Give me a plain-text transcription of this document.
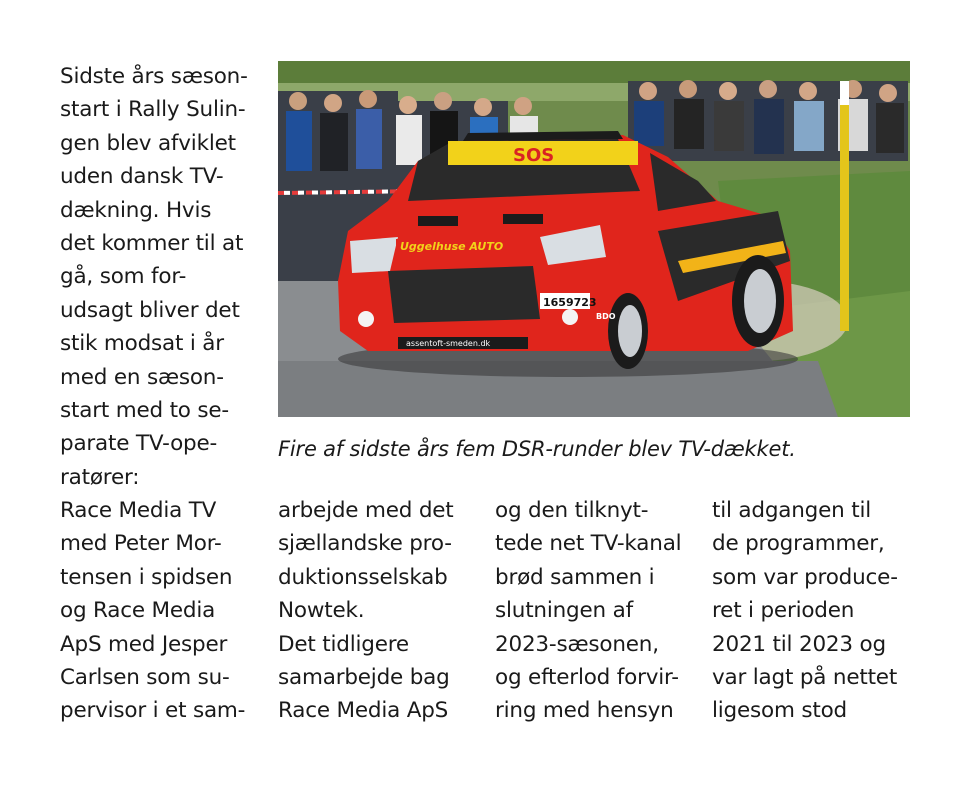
Sidste års sæson-
start i Rally Sulin-
gen blev afviklet
uden dansk TV-
dækning. Hvis
det kommer til at
gå, som for-
udsagt bliver det
stik modsat i år
med en sæson-
start med to se-
parate TV-ope-
ratører:
Race Media TV
med Peter Mor-
tensen i spidsen
og Race Media
ApS med Jesper
Carlsen som su-
pervisor i et sam-
SOS
Uggelhuse AUTO
1659723
assentoft-smeden.dk
BDO
Fire af sidste års fem DSR-runder blev TV-dækket.
arbejde med det
sjællandske pro-
duktionsselskab
Nowtek.
Det tidligere
samarbejde bag
Race Media ApS
og den tilknyt-
tede net TV-kanal
brød sammen i
slutningen af
2023-sæsonen,
og efterlod forvir-
ring med hensyn
til adgangen til
de programmer,
som var produce-
ret i perioden
2021 til 2023 og
var lagt på nettet
ligesom stod
